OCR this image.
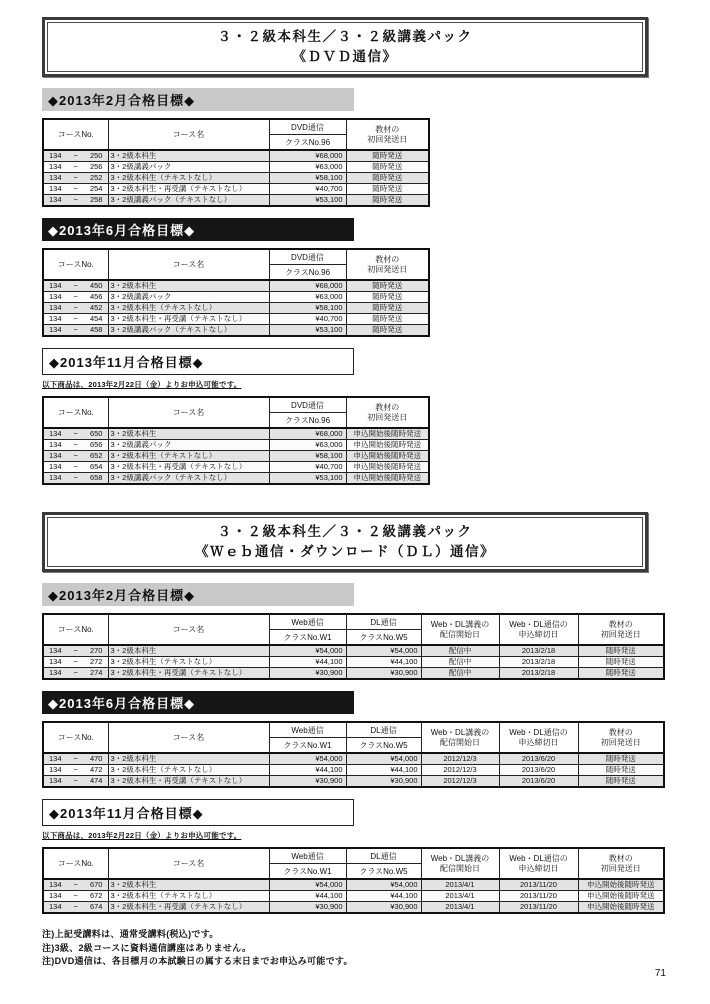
３・２級本科生／３・２級講義パック
《ＤＶＤ通信》
◆2013年2月合格目標◆
コースNo.	コース名	DVD通信	教材の
初回発送日

		クラスNo.96	

134 − 250	3・2級本科生	¥68,000	随時発送

134 − 256	3・2級講義パック	¥63,000	随時発送

134 − 252	3・2級本科生（テキストなし）	¥58,100	随時発送

134 − 254	3・2級本科生・再受講（テキストなし）	¥40,700	随時発送

134 − 258	3・2級講義パック（テキストなし）	¥53,100	随時発送
◆2013年6月合格目標◆
コースNo.	コース名	DVD通信	教材の
初回発送日

		クラスNo.96	

134 − 450	3・2級本科生	¥68,000	随時発送

134 − 456	3・2級講義パック	¥63,000	随時発送

134 − 452	3・2級本科生（テキストなし）	¥58,100	随時発送

134 − 454	3・2級本科生・再受講（テキストなし）	¥40,700	随時発送

134 − 458	3・2級講義パック（テキストなし）	¥53,100	随時発送
◆2013年11月合格目標◆
以下商品は、2013年2月22日（金）よりお申込可能です。
コースNo.	コース名	DVD通信	教材の
初回発送日

		クラスNo.96	

134 − 650	3・2級本科生	¥68,000	申込開始後随時発送

134 − 656	3・2級講義パック	¥63,000	申込開始後随時発送

134 − 652	3・2級本科生（テキストなし）	¥58,100	申込開始後随時発送

134 − 654	3・2級本科生・再受講（テキストなし）	¥40,700	申込開始後随時発送

134 − 658	3・2級講義パック（テキストなし）	¥53,100	申込開始後随時発送
３・２級本科生／３・２級講義パック
《Ｗｅｂ通信・ダウンロード（ＤＬ）通信》
◆2013年2月合格目標◆
コースNo.	コース名

Web通信	DL通信	Web・DL講義の
配信開始日

Web・DL通信の
申込締切日

教材の
初回発送日

		クラスNo.W1	クラスNo.W5			

134 − 270	3・2級本科生	¥54,000	¥54,000	配信中	2013/2/18	随時発送

134 − 272	3・2級本科生（テキストなし）	¥44,100	¥44,100	配信中	2013/2/18	随時発送

134 − 274	3・2級本科生・再受講（テキストなし）	¥30,900	¥30,900	配信中	2013/2/18	随時発送
◆2013年6月合格目標◆
コースNo.	コース名

Web通信	DL通信	Web・DL講義の
配信開始日

Web・DL通信の
申込締切日

教材の
初回発送日

		クラスNo.W1	クラスNo.W5			

134 − 470	3・2級本科生	¥54,000	¥54,000	2012/12/3	2013/6/20	随時発送

134 − 472	3・2級本科生（テキストなし）	¥44,100	¥44,100	2012/12/3	2013/6/20	随時発送

134 − 474	3・2級本科生・再受講（テキストなし）	¥30,900	¥30,900	2012/12/3	2013/6/20	随時発送
◆2013年11月合格目標◆
以下商品は、2013年2月22日（金）よりお申込可能です。
コースNo.	コース名

Web通信	DL通信	Web・DL講義の
配信開始日

Web・DL通信の
申込締切日

教材の
初回発送日

		クラスNo.W1	クラスNo.W5			

134 − 670	3・2級本科生	¥54,000	¥54,000	2013/4/1	2013/11/20	申込開始後随時発送

134 − 672	3・2級本科生（テキストなし）	¥44,100	¥44,100	2013/4/1	2013/11/20	申込開始後随時発送

134 − 674	3・2級本科生・再受講（テキストなし）	¥30,900	¥30,900	2013/4/1	2013/11/20	申込開始後随時発送
注)上記受講料は、通常受講料(税込)です。
注)3級、2級コースに資料通信講座はありません。
注)DVD通信は、各目標月の本試験日の属する末日までお申込み可能です。
71
